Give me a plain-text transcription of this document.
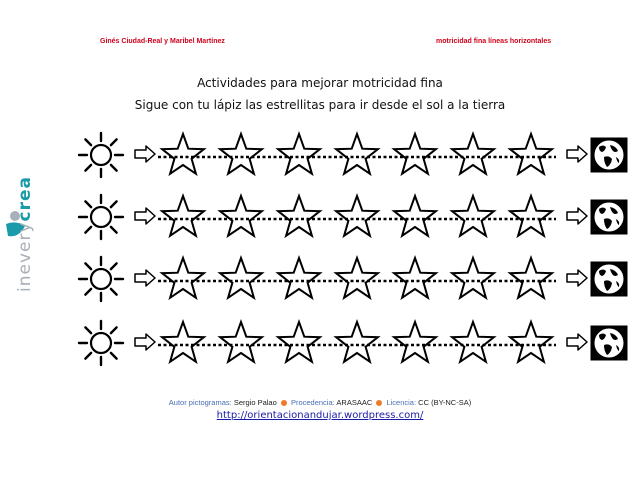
Ginés Ciudad-Real y Maribel Martínez	motricidad fina líneas horizontales
Actividades para mejorar motricidad fina
Sigue con tu lápiz las estrellitas para ir desde el sol a la tierra
inevery
crea
Autor pictogramas: Sergio Palao Procedencia: ARASAAC Licencia: CC (BY-NC-SA)
http://orientacionandujar.wordpress.com/
